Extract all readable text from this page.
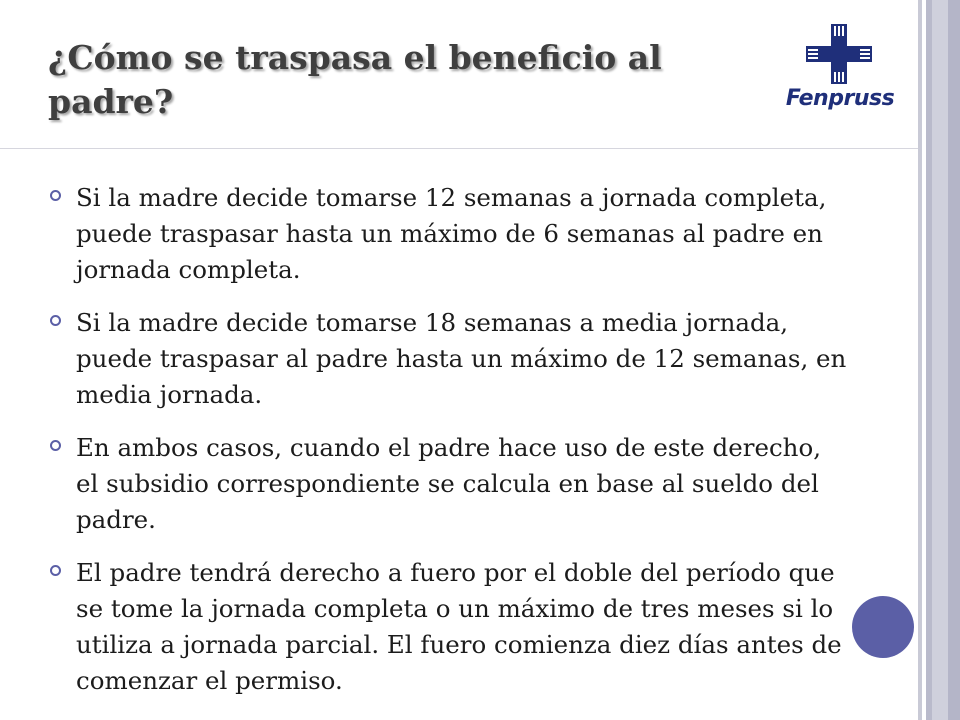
¿Cómo se traspasa el beneficio al padre?	Fenpruss
Si la madre decide tomarse 12 semanas a jornada completa, puede traspasar hasta un máximo de 6 semanas al padre en jornada completa.
Si la madre decide tomarse 18 semanas a media jornada, puede traspasar al padre hasta un máximo de 12 semanas, en media jornada.
En ambos casos, cuando el padre hace uso de este derecho, el subsidio correspondiente se calcula en base al sueldo del padre.
El padre tendrá derecho a fuero por el doble del período que se tome la jornada completa o un máximo de tres meses si lo utiliza a jornada parcial. El fuero comienza diez días antes de comenzar el permiso.
